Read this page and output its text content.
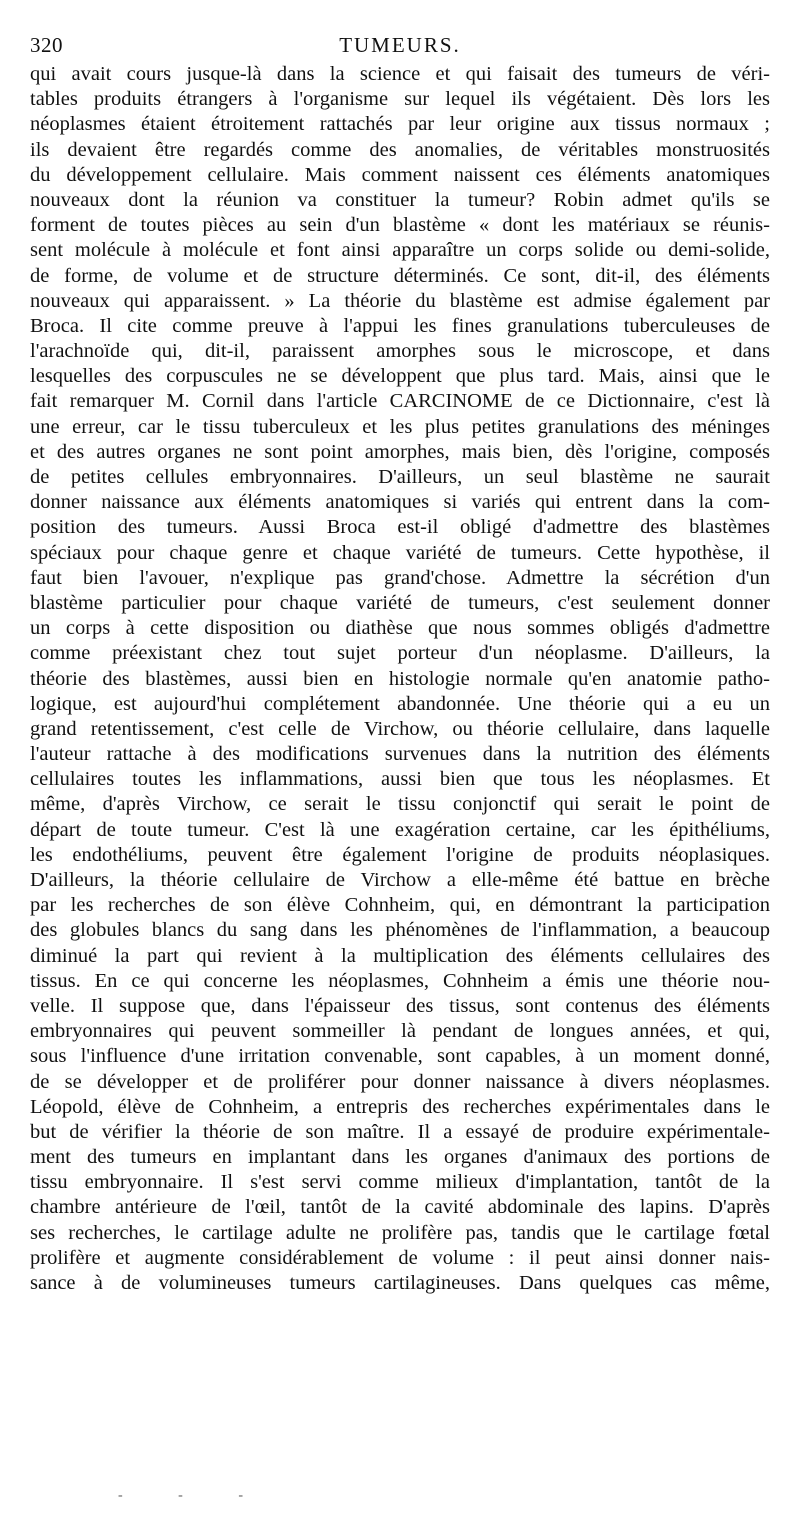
320	TUMEURS.
qui avait cours jusque-là dans la science et qui faisait des tumeurs de véri-
tables produits étrangers à l'organisme sur lequel ils végétaient. Dès lors les
néoplasmes étaient étroitement rattachés par leur origine aux tissus normaux ;
ils devaient être regardés comme des anomalies, de véritables monstruosités
du développement cellulaire. Mais comment naissent ces éléments anatomiques
nouveaux dont la réunion va constituer la tumeur? Robin admet qu'ils se
forment de toutes pièces au sein d'un blastème « dont les matériaux se réunis-
sent molécule à molécule et font ainsi apparaître un corps solide ou demi-solide,
de forme, de volume et de structure déterminés. Ce sont, dit-il, des éléments
nouveaux qui apparaissent. » La théorie du blastème est admise également par
Broca. Il cite comme preuve à l'appui les fines granulations tuberculeuses de
l'arachnoïde qui, dit-il, paraissent amorphes sous le microscope, et dans
lesquelles des corpuscules ne se développent que plus tard. Mais, ainsi que le
fait remarquer M. Cornil dans l'article CARCINOME de ce Dictionnaire, c'est là
une erreur, car le tissu tuberculeux et les plus petites granulations des méninges
et des autres organes ne sont point amorphes, mais bien, dès l'origine, composés
de petites cellules embryonnaires. D'ailleurs, un seul blastème ne saurait
donner naissance aux éléments anatomiques si variés qui entrent dans la com-
position des tumeurs. Aussi Broca est-il obligé d'admettre des blastèmes
spéciaux pour chaque genre et chaque variété de tumeurs. Cette hypothèse, il
faut bien l'avouer, n'explique pas grand'chose. Admettre la sécrétion d'un
blastème particulier pour chaque variété de tumeurs, c'est seulement donner
un corps à cette disposition ou diathèse que nous sommes obligés d'admettre
comme préexistant chez tout sujet porteur d'un néoplasme. D'ailleurs, la
théorie des blastèmes, aussi bien en histologie normale qu'en anatomie patho-
logique, est aujourd'hui complétement abandonnée. Une théorie qui a eu un
grand retentissement, c'est celle de Virchow, ou théorie cellulaire, dans laquelle
l'auteur rattache à des modifications survenues dans la nutrition des éléments
cellulaires toutes les inflammations, aussi bien que tous les néoplasmes. Et
même, d'après Virchow, ce serait le tissu conjonctif qui serait le point de
départ de toute tumeur. C'est là une exagération certaine, car les épithéliums,
les endothéliums, peuvent être également l'origine de produits néoplasiques.
D'ailleurs, la théorie cellulaire de Virchow a elle-même été battue en brèche
par les recherches de son élève Cohnheim, qui, en démontrant la participation
des globules blancs du sang dans les phénomènes de l'inflammation, a beaucoup
diminué la part qui revient à la multiplication des éléments cellulaires des
tissus. En ce qui concerne les néoplasmes, Cohnheim a émis une théorie nou-
velle. Il suppose que, dans l'épaisseur des tissus, sont contenus des éléments
embryonnaires qui peuvent sommeiller là pendant de longues années, et qui,
sous l'influence d'une irritation convenable, sont capables, à un moment donné,
de se développer et de proliférer pour donner naissance à divers néoplasmes.
Léopold, élève de Cohnheim, a entrepris des recherches expérimentales dans le
but de vérifier la théorie de son maître. Il a essayé de produire expérimentale-
ment des tumeurs en implantant dans les organes d'animaux des portions de
tissu embryonnaire. Il s'est servi comme milieux d'implantation, tantôt de la
chambre antérieure de l'œil, tantôt de la cavité abdominale des lapins. D'après
ses recherches, le cartilage adulte ne prolifère pas, tandis que le cartilage fœtal
prolifère et augmente considérablement de volume : il peut ainsi donner nais-
sance à de volumineuses tumeurs cartilagineuses. Dans quelques cas même,
- - -
